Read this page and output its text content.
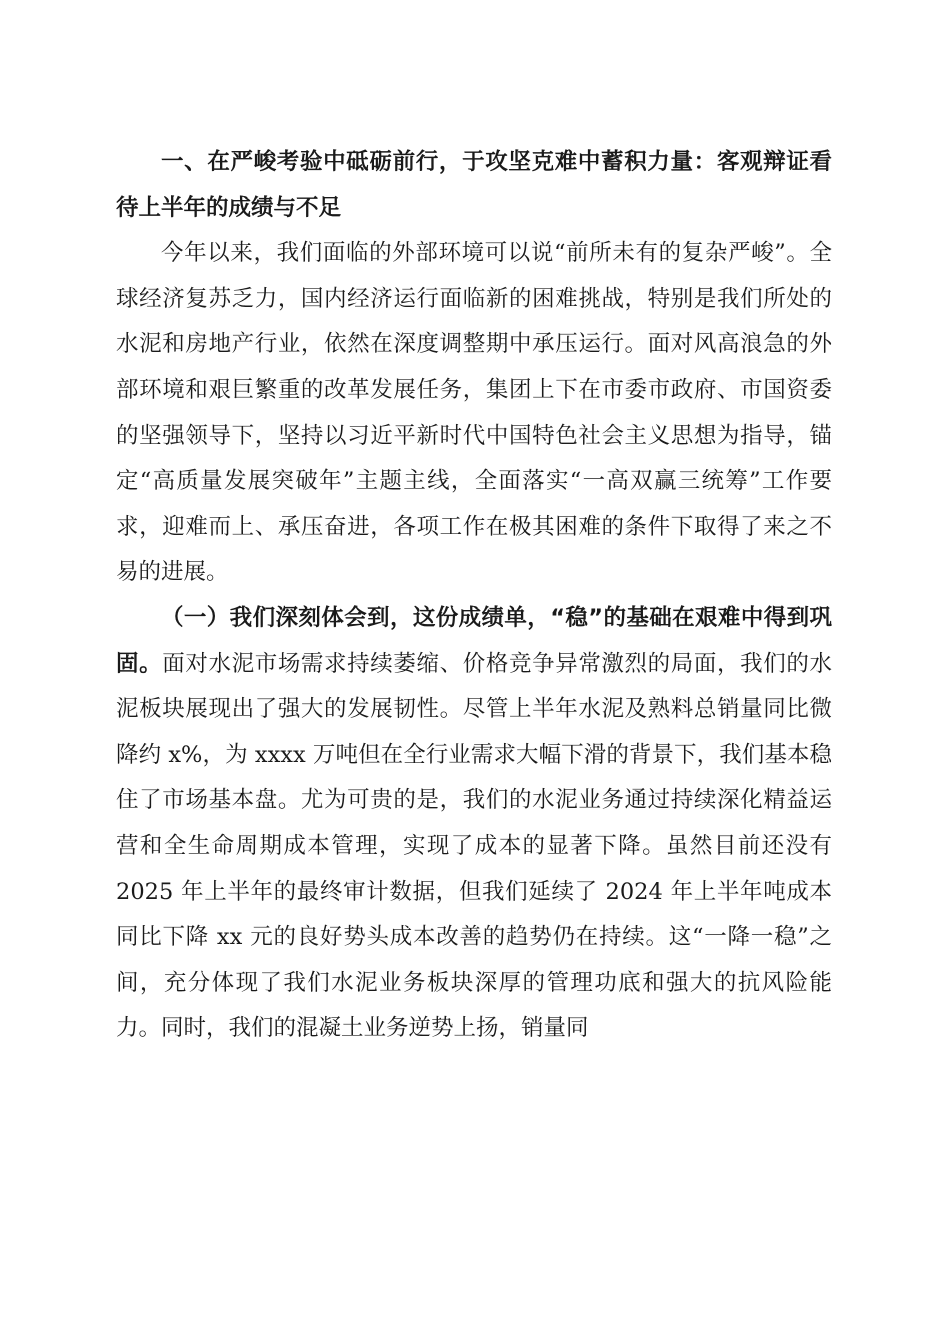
一、在严峻考验中砥砺前行，于攻坚克难中蓄积力量：客观辩证看待上半年的成绩与不足

今年以来，我们面临的外部环境可以说“前所未有的复杂严峻”。全球经济复苏乏力，国内经济运行面临新的困难挑战，特别是我们所处的水泥和房地产行业，依然在深度调整期中承压运行。面对风高浪急的外部环境和艰巨繁重的改革发展任务，集团上下在市委市政府、市国资委的坚强领导下，坚持以习近平新时代中国特色社会主义思想为指导，锚定“高质量发展突破年”主题主线，全面落实“一高双赢三统筹”工作要求，迎难而上、承压奋进，各项工作在极其困难的条件下取得了来之不易的进展。

（一）我们深刻体会到，这份成绩单，“稳”的基础在艰难中得到巩固。面对水泥市场需求持续萎缩、价格竞争异常激烈的局面，我们的水泥板块展现出了强大的发展韧性。尽管上半年水泥及熟料总销量同比微降约 x%，为 xxxx 万吨但在全行业需求大幅下滑的背景下，我们基本稳住了市场基本盘。尤为可贵的是，我们的水泥业务通过持续深化精益运营和全生命周期成本管理，实现了成本的显著下降。虽然目前还没有 2025 年上半年的最终审计数据，但我们延续了 2024 年上半年吨成本同比下降 xx 元的良好势头成本改善的趋势仍在持续。这“一降一稳”之间，充分体现了我们水泥业务板块深厚的管理功底和强大的抗风险能力。同时，我们的混凝土业务逆势上扬，销量同
